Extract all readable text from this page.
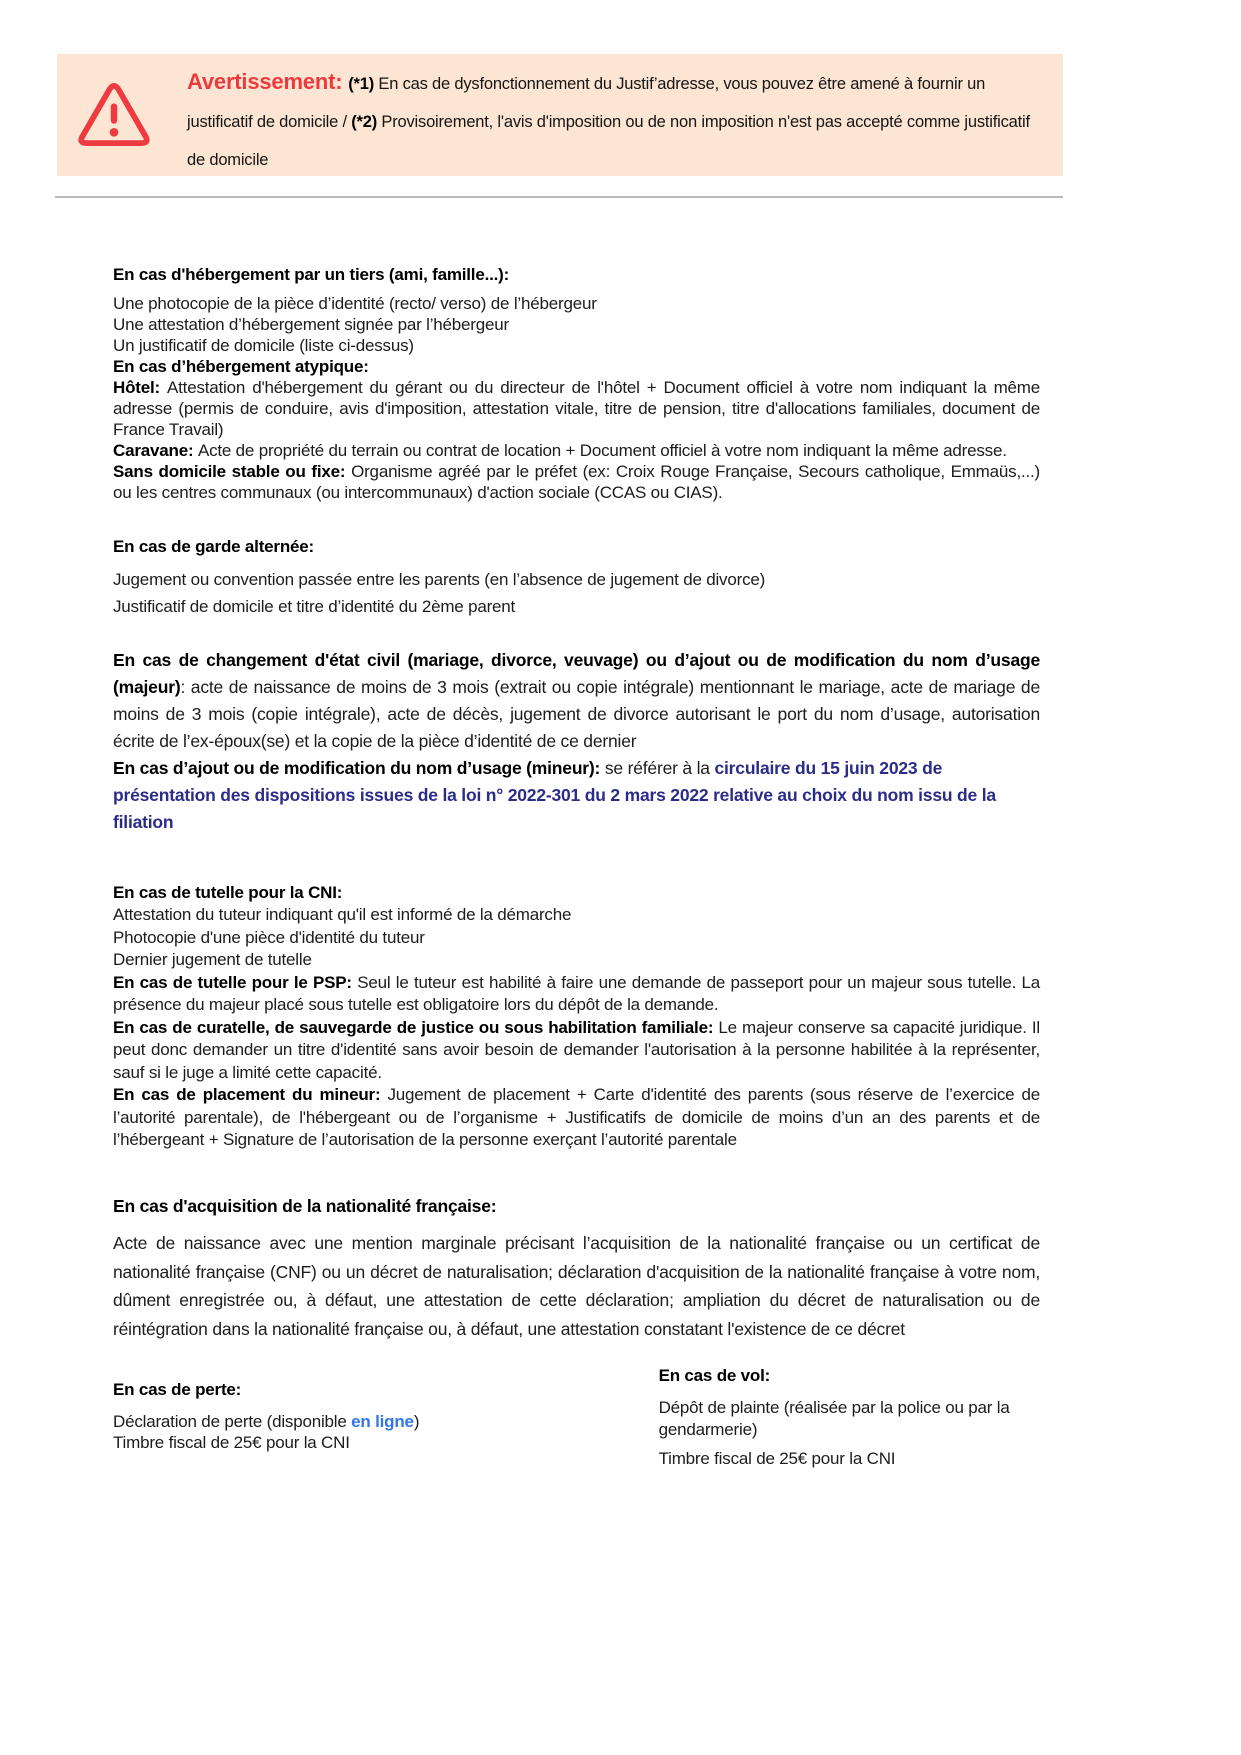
Avertissement: (*1) En cas de dysfonctionnement du Justif’adresse, vous pouvez être amené à fournir un justificatif de domicile / (*2) Provisoirement, l'avis d'imposition ou de non imposition n'est pas accepté comme justificatif de domicile

En cas d'hébergement par un tiers (ami, famille...):

Une photocopie de la pièce d’identité (recto/ verso) de l’hébergeur

Une attestation d’hébergement signée par l’hébergeur

Un justificatif de domicile (liste ci-dessus)

En cas d’hébergement atypique:

Hôtel: Attestation d'hébergement du gérant ou du directeur de l'hôtel + Document officiel à votre nom indiquant la même adresse (permis de conduire, avis d'imposition, attestation vitale, titre de pension, titre d'allocations familiales, document de France Travail)

Caravane: Acte de propriété du terrain ou contrat de location + Document officiel à votre nom indiquant la même adresse.

Sans domicile stable ou fixe: Organisme agréé par le préfet (ex: Croix Rouge Française, Secours catholique, Emmaüs,...) ou les centres communaux (ou intercommunaux) d'action sociale (CCAS ou CIAS).

En cas de garde alternée:

Jugement ou convention passée entre les parents (en l’absence de jugement de divorce)

Justificatif de domicile et titre d’identité du 2ème parent

En cas de changement d'état civil (mariage, divorce, veuvage) ou d’ajout ou de modification du nom d’usage (majeur): acte de naissance de moins de 3 mois (extrait ou copie intégrale) mentionnant le mariage, acte de mariage de moins de 3 mois (copie intégrale), acte de décès, jugement de divorce autorisant le port du nom d’usage, autorisation écrite de l’ex-époux(se) et la copie de la pièce d’identité de ce dernier

En cas d’ajout ou de modification du nom d’usage (mineur): se référer à la circulaire du 15 juin 2023 de présentation des dispositions issues de la loi n° 2022-301 du 2 mars 2022 relative au choix du nom issu de la filiation

En cas de tutelle pour la CNI:

Attestation du tuteur indiquant qu'il est informé de la démarche

Photocopie d'une pièce d'identité du tuteur

Dernier jugement de tutelle

En cas de tutelle pour le PSP: Seul le tuteur est habilité à faire une demande de passeport pour un majeur sous tutelle. La présence du majeur placé sous tutelle est obligatoire lors du dépôt de la demande.

En cas de curatelle, de sauvegarde de justice ou sous habilitation familiale: Le majeur conserve sa capacité juridique. Il peut donc demander un titre d'identité sans avoir besoin de demander l'autorisation à la personne habilitée à la représenter, sauf si le juge a limité cette capacité.

En cas de placement du mineur: Jugement de placement + Carte d'identité des parents (sous réserve de l’exercice de l’autorité parentale), de l'hébergeant ou de l’organisme + Justificatifs de domicile de moins d’un an des parents et de l’hébergeant + Signature de l’autorisation de la personne exerçant l’autorité parentale

En cas d'acquisition de la nationalité française:

Acte de naissance avec une mention marginale précisant l’acquisition de la nationalité française ou un certificat de nationalité française (CNF) ou un décret de naturalisation; déclaration d'acquisition de la nationalité française à votre nom, dûment enregistrée ou, à défaut, une attestation de cette déclaration; ampliation du décret de naturalisation ou de réintégration dans la nationalité française ou, à défaut, une attestation constatant l'existence de ce décret

En cas de perte:

Déclaration de perte (disponible en ligne)

Timbre fiscal de 25€ pour la CNI

En cas de vol:

Dépôt de plainte (réalisée par la police ou par la gendarmerie)

Timbre fiscal de 25€ pour la CNI
